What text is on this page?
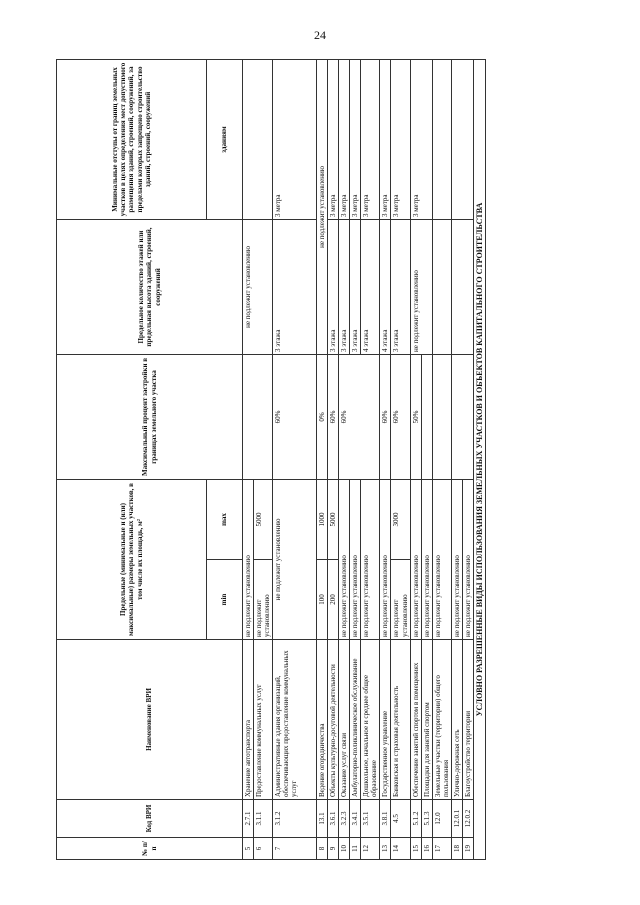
24
№ п/п	Код ВРИ	Наименование ВРИ	Предельные (минимальные и (или) максимальные) размеры земельных участков, в том числе их площадь, м²		Максимальный процент застройки в границах земельного участка	Предельное количество этажей или предельная высота зданий, строений, сооружений	Минимальные отступы от границ земельных участков в целях определения мест допустимого размещения зданий, строений, сооружений, за пределами которых запрещено строительство зданий, строений, сооружений
			min	max			зданиям
5	2.7.1	Хранение автотранспорта	не подлежит установлению			не подлежит установлению	
6	3.1.1	Предоставление коммунальных услуг	не подлежит установлению	5000			
7	3.1.2	Административные здания организаций, обеспечивающих предоставление коммунальных услуг	не подлежит установлению		60%	3 этажа	3 метра
8	13.1	Ведение огородничества	100	1000	0%	не подлежит установлению	
9	3.6.1	Объекты культурно-досуговой деятельности	200	5000	60%	3 этажа	3 метра
10	3.2.3	Оказание услуг связи	не подлежит установлению		60%	3 этажа	3 метра
11	3.4.1	Амбулаторно-поликлиническое обслуживание	не подлежит установлению			3 этажа	3 метра
12	3.5.1	Дошкольное, начальное и среднее общее образование	не подлежит установлению			4 этажа	3 метра
13	3.8.1	Государственное управление	не подлежит установлению		60%	4 этажа	3 метра
14	4.5	Банковская и страховая деятельность	не подлежит установлению	3000	60%	3 этажа	3 метра
15	5.1.2	Обеспечение занятий спортом в помещениях	не подлежит установлению		50%	не подлежит установлению	3 метра
16	5.1.3	Площадки для занятий спортом	не подлежит установлению				
17	12.0	Земельные участки (территории) общего пользования	не подлежит установлению				
18	12.0.1	Улично-дорожная сеть	не подлежит установлению				
19	12.0.2	Благоустройство территории	не подлежит установлению				
УСЛОВНО РАЗРЕШЕННЫЕ ВИДЫ ИСПОЛЬЗОВАНИЯ ЗЕМЕЛЬНЫХ УЧАСТКОВ И ОБЪЕКТОВ КАПИТАЛЬНОГО СТРОИТЕЛЬСТВА							
